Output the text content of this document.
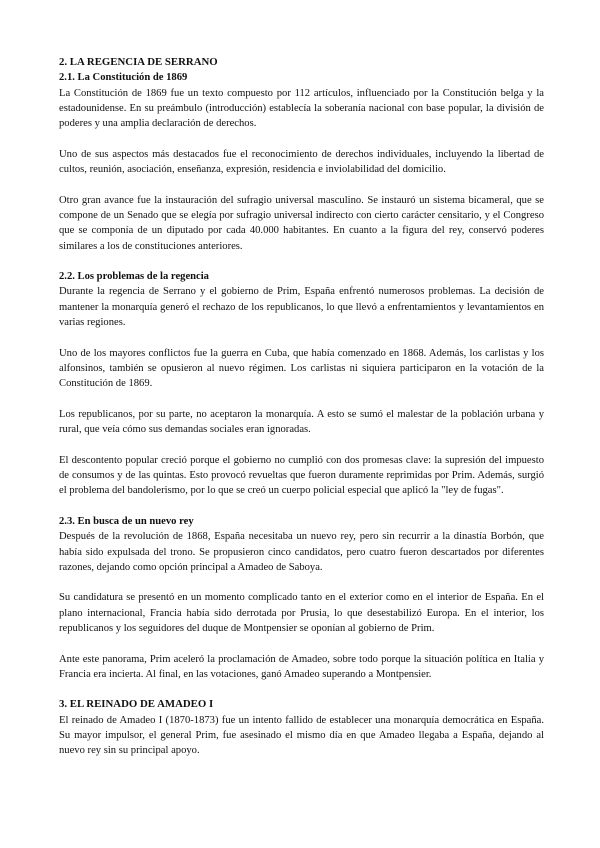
2. LA REGENCIA DE SERRANO
2.1. La Constitución de 1869

La Constitución de 1869 fue un texto compuesto por 112 artículos, influenciado por la Constitución belga y la estadounidense. En su preámbulo (introducción) establecía la soberanía nacional con base popular, la división de poderes y una amplia declaración de derechos.

Uno de sus aspectos más destacados fue el reconocimiento de derechos individuales, incluyendo la libertad de cultos, reunión, asociación, enseñanza, expresión, residencia e inviolabilidad del domicilio.

Otro gran avance fue la instauración del sufragio universal masculino. Se instauró un sistema bicameral, que se compone de un Senado que se elegía por sufragio universal indirecto con cierto carácter censitario, y el Congreso que se componía de un diputado por cada 40.000 habitantes. En cuanto a la figura del rey, conservó poderes similares a los de constituciones anteriores.

2.2. Los problemas de la regencia

Durante la regencia de Serrano y el gobierno de Prim, España enfrentó numerosos problemas. La decisión de mantener la monarquía generó el rechazo de los republicanos, lo que llevó a enfrentamientos y levantamientos en varias regiones.

Uno de los mayores conflictos fue la guerra en Cuba, que había comenzado en 1868. Además, los carlistas y los alfonsinos, también se opusieron al nuevo régimen. Los carlistas ni siquiera participaron en la votación de la Constitución de 1869.

Los republicanos, por su parte, no aceptaron la monarquía. A esto se sumó el malestar de la población urbana y rural, que veía cómo sus demandas sociales eran ignoradas.

El descontento popular creció porque el gobierno no cumplió con dos promesas clave: la supresión del impuesto de consumos y de las quintas. Esto provocó revueltas que fueron duramente reprimidas por Prim. Además, surgió el problema del bandolerismo, por lo que se creó un cuerpo policial especial que aplicó la "ley de fugas".

2.3. En busca de un nuevo rey

Después de la revolución de 1868, España necesitaba un nuevo rey, pero sin recurrir a la dinastía Borbón, que había sido expulsada del trono. Se propusieron cinco candidatos, pero cuatro fueron descartados por diferentes razones, dejando como opción principal a Amadeo de Saboya.

Su candidatura se presentó en un momento complicado tanto en el exterior como en el interior de España. En el plano internacional, Francia había sido derrotada por Prusia, lo que desestabilizó Europa. En el interior, los republicanos y los seguidores del duque de Montpensier se oponían al gobierno de Prim.

Ante este panorama, Prim aceleró la proclamación de Amadeo, sobre todo porque la situación política en Italia y Francia era incierta. Al final, en las votaciones, ganó Amadeo superando a Montpensier.

3. EL REINADO DE AMADEO I

El reinado de Amadeo I (1870-1873) fue un intento fallido de establecer una monarquía democrática en España. Su mayor impulsor, el general Prim, fue asesinado el mismo día en que Amadeo llegaba a España, dejando al nuevo rey sin su principal apoyo.
